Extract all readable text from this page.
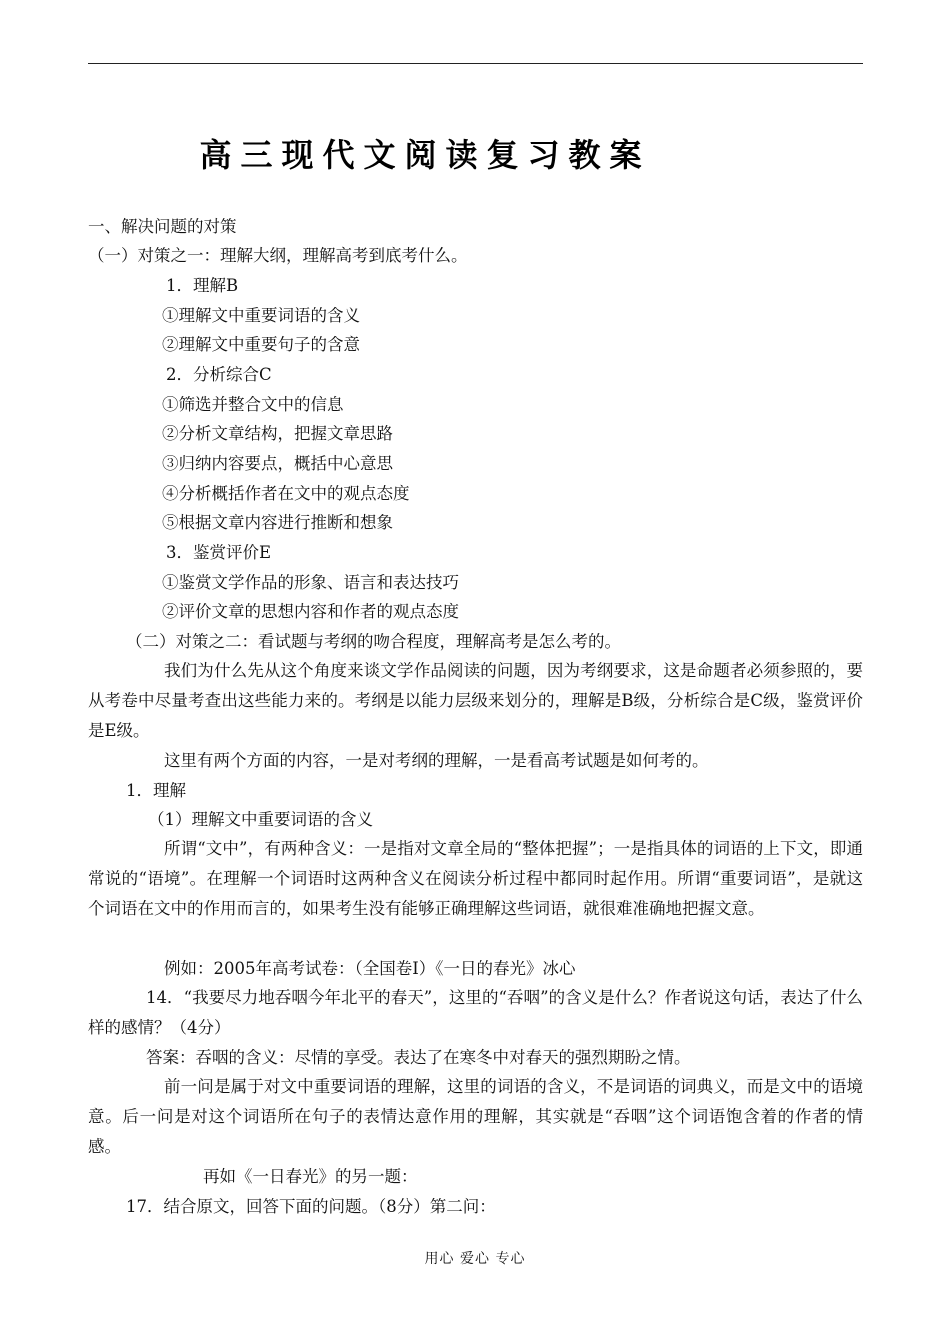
高三现代文阅读复习教案
一、解决问题的对策
（一）对策之一：理解大纲，理解高考到底考什么。
1．理解B
①理解文中重要词语的含义
②理解文中重要句子的含意
2．分析综合C
①筛选并整合文中的信息
②分析文章结构，把握文章思路
③归纳内容要点，概括中心意思
④分析概括作者在文中的观点态度
⑤根据文章内容进行推断和想象
3．鉴赏评价E
①鉴赏文学作品的形象、语言和表达技巧
②评价文章的思想内容和作者的观点态度
（二）对策之二：看试题与考纲的吻合程度，理解高考是怎么考的。
我们为什么先从这个角度来谈文学作品阅读的问题，因为考纲要求，这是命题者必须参照的，要从考卷中尽量考查出这些能力来的。考纲是以能力层级来划分的，理解是B级，分析综合是C级，鉴赏评价是E级。
这里有两个方面的内容，一是对考纲的理解，一是看高考试题是如何考的。
1．理解
（1）理解文中重要词语的含义
所谓“文中”，有两种含义：一是指对文章全局的“整体把握”；一是指具体的词语的上下文，即通常说的“语境”。在理解一个词语时这两种含义在阅读分析过程中都同时起作用。所谓“重要词语”，是就这个词语在文中的作用而言的，如果考生没有能够正确理解这些词语，就很难准确地把握文意。
例如：2005年高考试卷：（全国卷Ⅰ）《一日的春光》冰心
14．“我要尽力地吞咽今年北平的春天”，这里的“吞咽”的含义是什么？作者说这句话，表达了什么样的感情？（4分）
答案：吞咽的含义：尽情的享受。表达了在寒冬中对春天的强烈期盼之情。
前一问是属于对文中重要词语的理解，这里的词语的含义，不是词语的词典义，而是文中的语境意。后一问是对这个词语所在句子的表情达意作用的理解，其实就是“吞咽”这个词语饱含着的作者的情感。
再如《一日春光》的另一题：
17．结合原文，回答下面的问题。（8分）第二问：
用心 爱心 专心
